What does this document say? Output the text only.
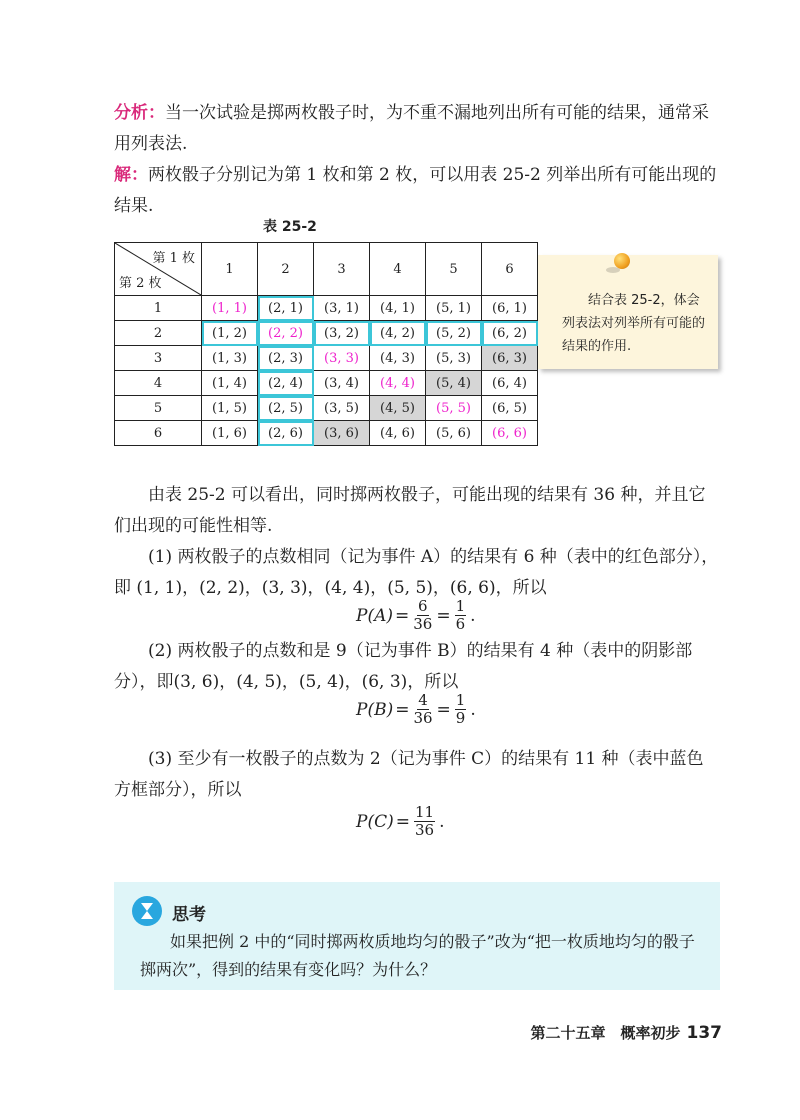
分析：当一次试验是掷两枚骰子时，为不重不漏地列出所有可能的结果，通常采用列表法.

解：两枚骰子分别记为第 1 枚和第 2 枚，可以用表 25-2 列举出所有可能出现的结果.

表 25-2
第 1 枚
第 2 枚	1	2	3	4	5	6
1	(1, 1)	(2, 1)	(3, 1)	(4, 1)	(5, 1)	(6, 1)
2	(1, 2)	(2, 2)	(3, 2)	(4, 2)	(5, 2)	(6, 2)
3	(1, 3)	(2, 3)	(3, 3)	(4, 3)	(5, 3)	(6, 3)
4	(1, 4)	(2, 4)	(3, 4)	(4, 4)	(5, 4)	(6, 4)
5	(1, 5)	(2, 5)	(3, 5)	(4, 5)	(5, 5)	(6, 5)
6	(1, 6)	(2, 6)	(3, 6)	(4, 6)	(5, 6)	(6, 6)
结合表 25-2，体会列表法对列举所有可能的结果的作用.

由表 25-2 可以看出，同时掷两枚骰子，可能出现的结果有 36 种，并且它们出现的可能性相等.

(1) 两枚骰子的点数相同（记为事件 A）的结果有 6 种（表中的红色部分），即 (1, 1)，(2, 2)，(3, 3)，(4, 4)，(5, 5)，(6, 6)，所以

$P(A) = \frac{6}{36} = \frac{1}{6}$ .

(2) 两枚骰子的点数和是 9（记为事件 B）的结果有 4 种（表中的阴影部分），即(3, 6)，(4, 5)，(5, 4)，(6, 3)，所以

$P(B) = \frac{4}{36} = \frac{1}{9}$ .

(3) 至少有一枚骰子的点数为 2（记为事件 C）的结果有 11 种（表中蓝色方框部分），所以

$P(C) = \frac{11}{36}$ .
思考

如果把例 2 中的“同时掷两枚质地均匀的骰子”改为“把一枚质地均匀的骰子掷两次”，得到的结果有变化吗？为什么？

第二十五章　概率初步 137
